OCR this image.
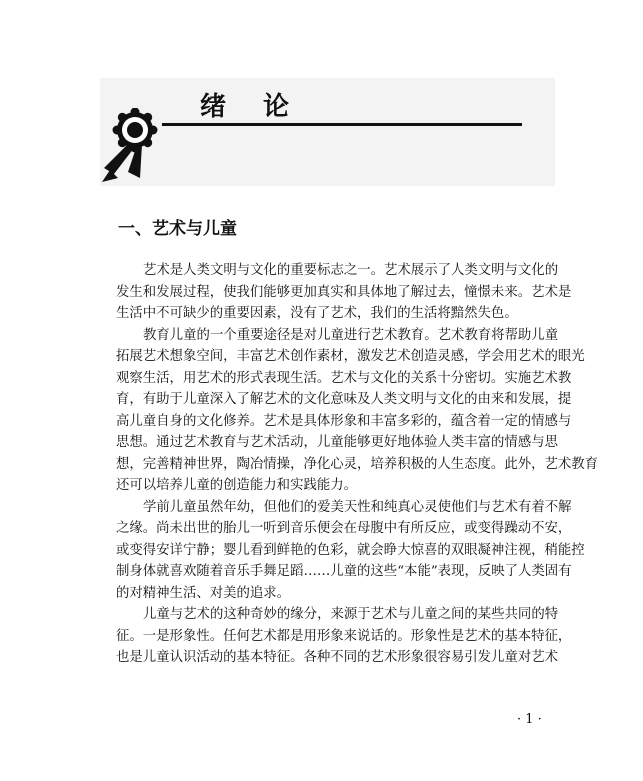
绪 论
一、艺术与儿童
艺术是人类文明与文化的重要标志之一。艺术展示了人类文明与文化的
发生和发展过程，使我们能够更加真实和具体地了解过去，憧憬未来。艺术是
生活中不可缺少的重要因素，没有了艺术，我们的生活将黯然失色。
教育儿童的一个重要途径是对儿童进行艺术教育。艺术教育将帮助儿童
拓展艺术想象空间，丰富艺术创作素材，激发艺术创造灵感，学会用艺术的眼光
观察生活，用艺术的形式表现生活。艺术与文化的关系十分密切。实施艺术教
育，有助于儿童深入了解艺术的文化意味及人类文明与文化的由来和发展，提
高儿童自身的文化修养。艺术是具体形象和丰富多彩的，蕴含着一定的情感与
思想。通过艺术教育与艺术活动，儿童能够更好地体验人类丰富的情感与思
想，完善精神世界，陶冶情操，净化心灵，培养积极的人生态度。此外，艺术教育
还可以培养儿童的创造能力和实践能力。
学前儿童虽然年幼，但他们的爱美天性和纯真心灵使他们与艺术有着不解
之缘。尚未出世的胎儿一听到音乐便会在母腹中有所反应，或变得躁动不安，
或变得安详宁静；婴儿看到鲜艳的色彩，就会睁大惊喜的双眼凝神注视，稍能控
制身体就喜欢随着音乐手舞足蹈……儿童的这些“本能”表现，反映了人类固有
的对精神生活、对美的追求。
儿童与艺术的这种奇妙的缘分，来源于艺术与儿童之间的某些共同的特
征。一是形象性。任何艺术都是用形象来说话的。形象性是艺术的基本特征，
也是儿童认识活动的基本特征。各种不同的艺术形象很容易引发儿童对艺术
· 1 ·
